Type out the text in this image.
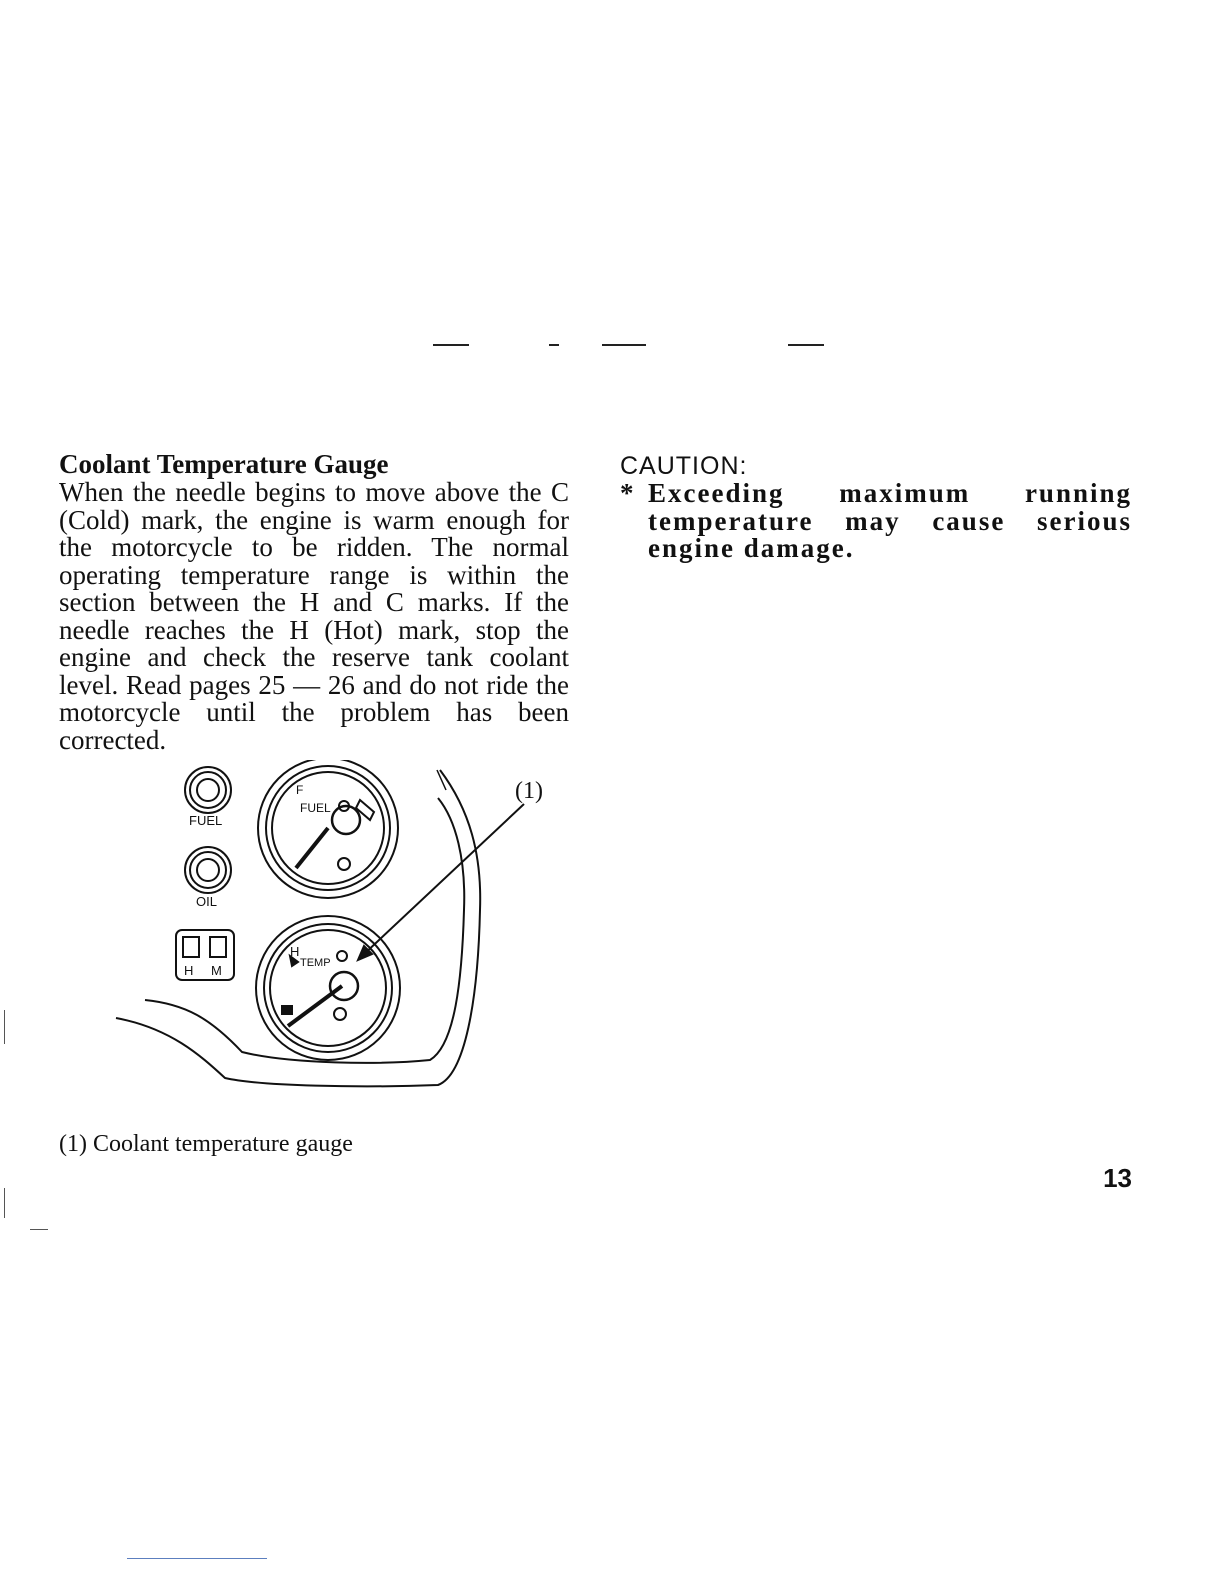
Coolant Temperature Gauge

When the needle begins to move above the C (Cold) mark, the engine is warm enough for the motorcycle to be ridden. The normal operating temperature range is within the section between the H and C marks. If the needle reaches the H (Hot) mark, stop the engine and check the reserve tank coolant level. Read pages 25 — 26 and do not ride the motorcycle until the problem has been corrected.

CAUTION:

* Exceeding maximum running temperature may cause serious engine damage.

FUEL
OIL
H M
F
FUEL
H
TEMP
(1)
(1) Coolant temperature gauge
13
